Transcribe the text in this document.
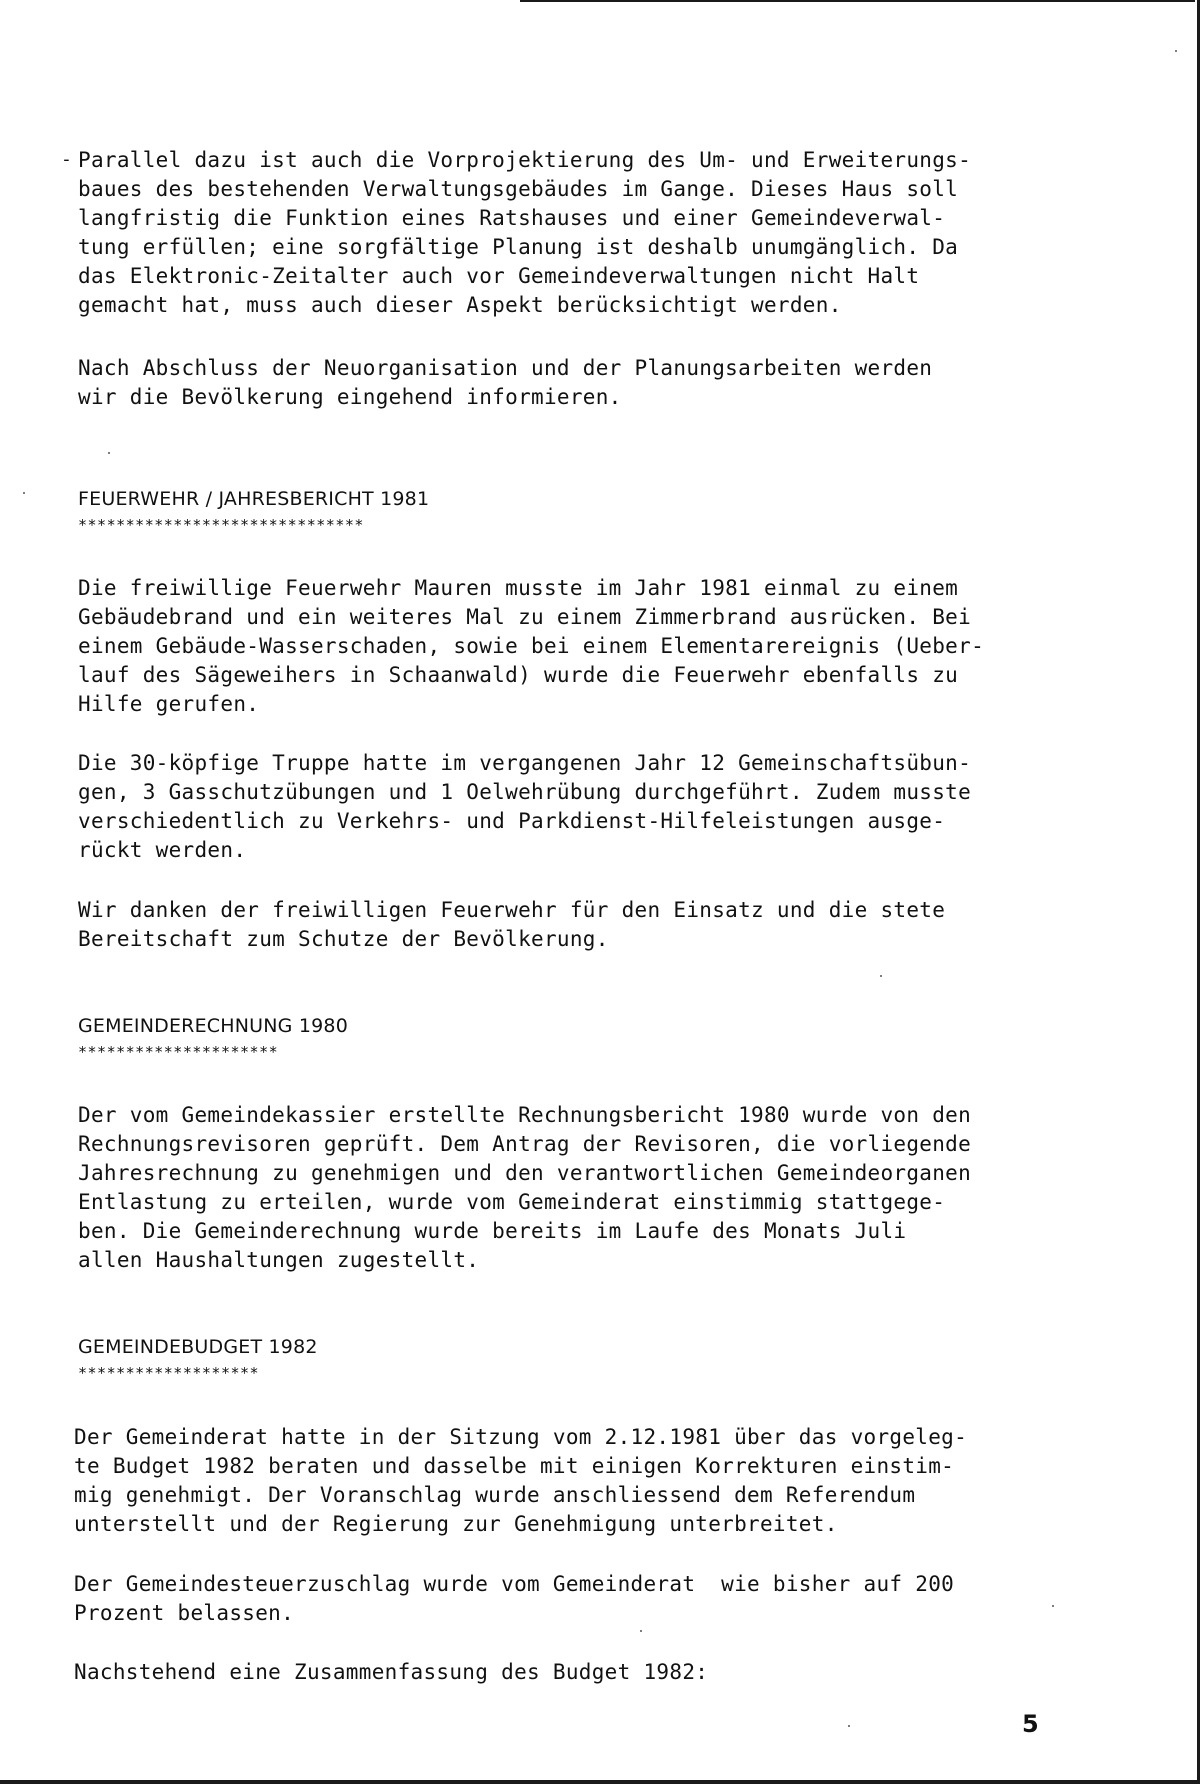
- Parallel dazu ist auch die Vorprojektierung des Um- und Erweiterungs-
baues des bestehenden Verwaltungsgebäudes im Gange. Dieses Haus soll
langfristig die Funktion eines Ratshauses und einer Gemeindeverwal-
tung erfüllen; eine sorgfältige Planung ist deshalb unumgänglich. Da
das Elektronic-Zeitalter auch vor Gemeindeverwaltungen nicht Halt
gemacht hat, muss auch dieser Aspekt berücksichtigt werden.
Nach Abschluss der Neuorganisation und der Planungsarbeiten werden
wir die Bevölkerung eingehend informieren.
FEUERWEHR / JAHRESBERICHT 1981
******************************
Die freiwillige Feuerwehr Mauren musste im Jahr 1981 einmal zu einem
Gebäudebrand und ein weiteres Mal zu einem Zimmerbrand ausrücken. Bei
einem Gebäude-Wasserschaden, sowie bei einem Elementarereignis (Ueber-
lauf des Sägeweihers in Schaanwald) wurde die Feuerwehr ebenfalls zu
Hilfe gerufen.
Die 30-köpfige Truppe hatte im vergangenen Jahr 12 Gemeinschaftsübun-
gen, 3 Gasschutzübungen und 1 Oelwehrübung durchgeführt. Zudem musste
verschiedentlich zu Verkehrs- und Parkdienst-Hilfeleistungen ausge-
rückt werden.
Wir danken der freiwilligen Feuerwehr für den Einsatz und die stete
Bereitschaft zum Schutze der Bevölkerung.
GEMEINDERECHNUNG 1980
*********************
Der vom Gemeindekassier erstellte Rechnungsbericht 1980 wurde von den
Rechnungsrevisoren geprüft. Dem Antrag der Revisoren, die vorliegende
Jahresrechnung zu genehmigen und den verantwortlichen Gemeindeorganen
Entlastung zu erteilen, wurde vom Gemeinderat einstimmig stattgege-
ben. Die Gemeinderechnung wurde bereits im Laufe des Monats Juli
allen Haushaltungen zugestellt.
GEMEINDEBUDGET 1982
*******************
Der Gemeinderat hatte in der Sitzung vom 2.12.1981 über das vorgeleg-
te Budget 1982 beraten und dasselbe mit einigen Korrekturen einstim-
mig genehmigt. Der Voranschlag wurde anschliessend dem Referendum
unterstellt und der Regierung zur Genehmigung unterbreitet.
Der Gemeindesteuerzuschlag wurde vom Gemeinderat  wie bisher auf 200
Prozent belassen.
Nachstehend eine Zusammenfassung des Budget 1982:
5
